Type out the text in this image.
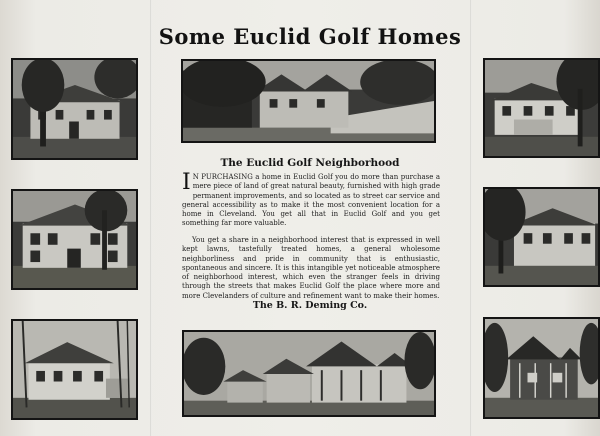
Some Euclid Golf Homes
The Euclid Golf Neighborhood

I N PURCHASING a home in Euclid Golf you do more than purchase a mere piece of land of great natural beauty, furnished with high grade permanent improvements, and so located as to street car service and general accessibility as to make it the most convenient location for a home in Cleveland. You get all that in Euclid Golf and you get something far more valuable.

You get a share in a neighborhood interest that is expressed in well kept lawns, tastefully treated homes, a general wholesome neighborliness and pride in community that is enthusiastic, spontaneous and sincere. It is this intangible yet noticeable atmosphere of neighborhood interest, which even the stranger feels in driving through the streets that makes Euclid Golf the place where more and more Clevelanders of culture and refinement want to make their homes.

The B. R. Deming Co.
